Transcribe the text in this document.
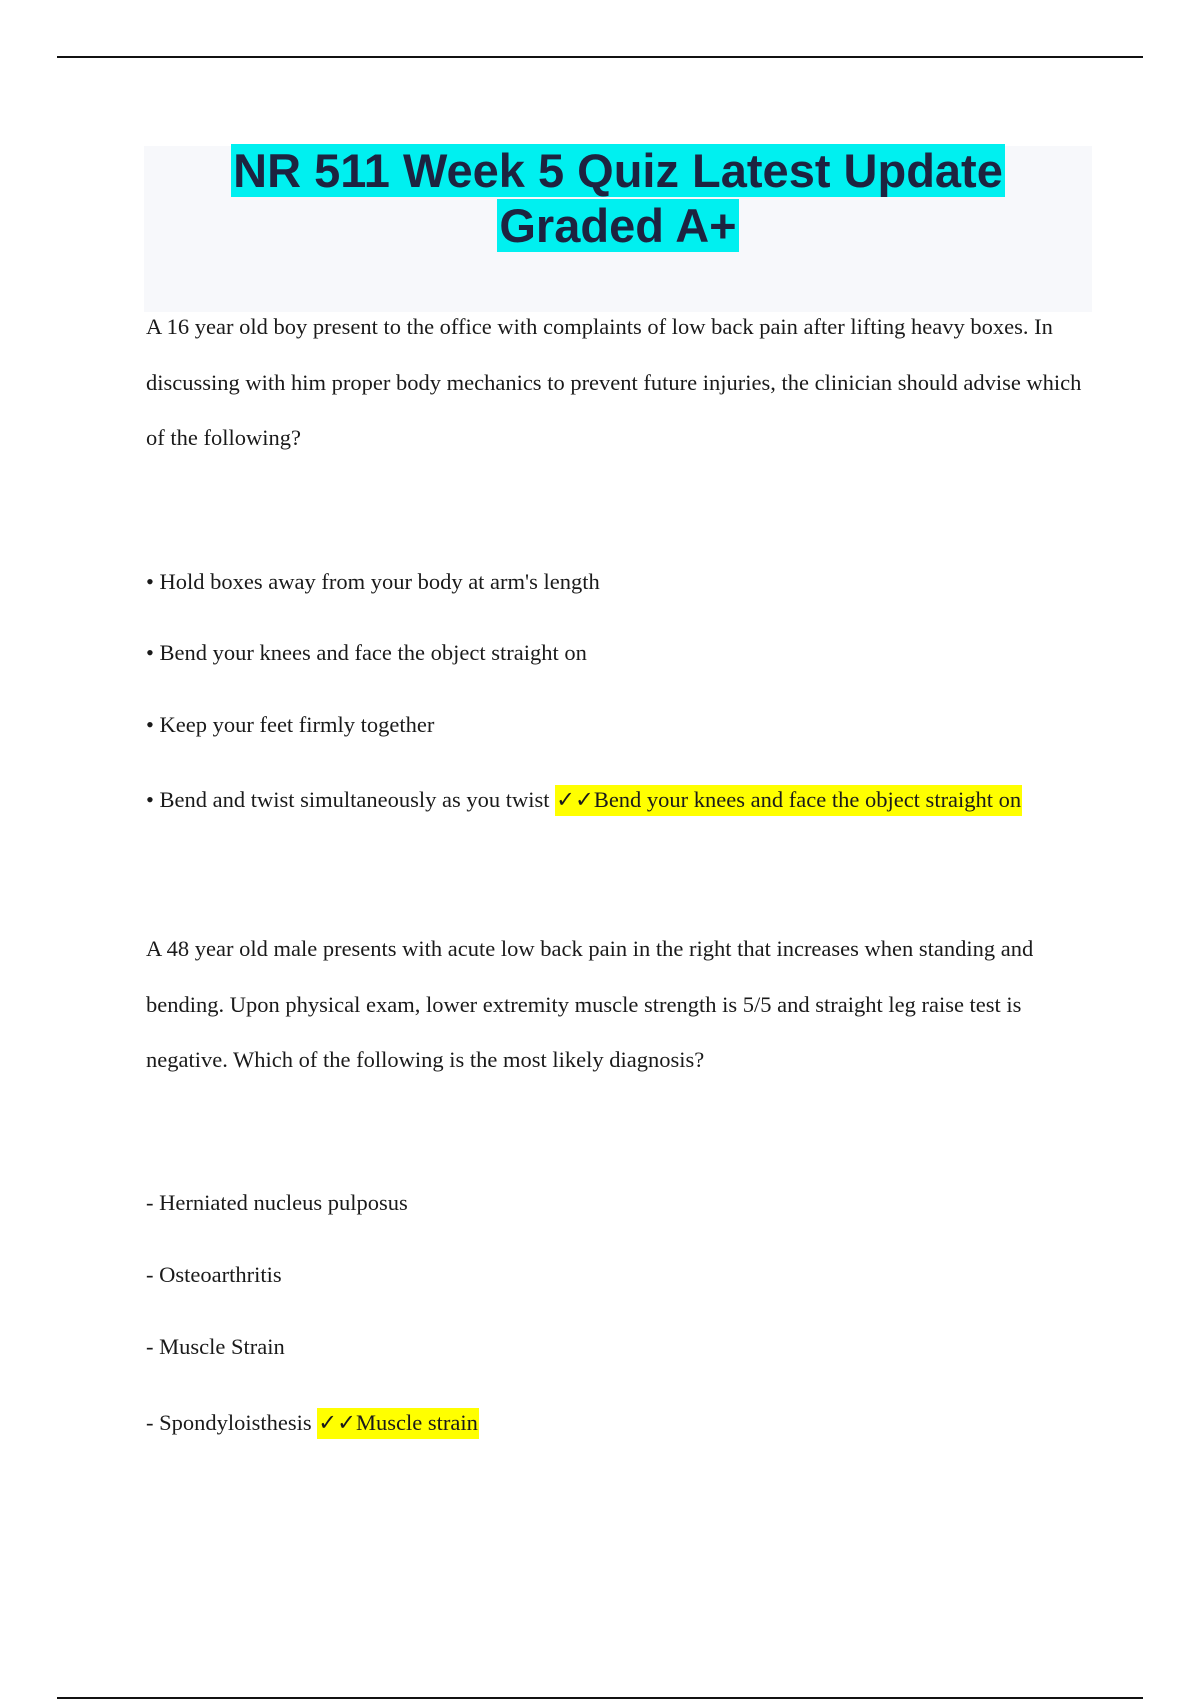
NR 511 Week 5 Quiz Latest Update
Graded A+

A 16 year old boy present to the office with complaints of low back pain after lifting heavy boxes. In discussing with him proper body mechanics to prevent future injuries, the clinician should advise which of the following?

• Hold boxes away from your body at arm's length

• Bend your knees and face the object straight on

• Keep your feet firmly together

• Bend and twist simultaneously as you twist ✓✓Bend your knees and face the object straight on

A 48 year old male presents with acute low back pain in the right that increases when standing and bending. Upon physical exam, lower extremity muscle strength is 5/5 and straight leg raise test is negative. Which of the following is the most likely diagnosis?

- Herniated nucleus pulposus

- Osteoarthritis

- Muscle Strain

- Spondyloisthesis ✓✓Muscle strain
